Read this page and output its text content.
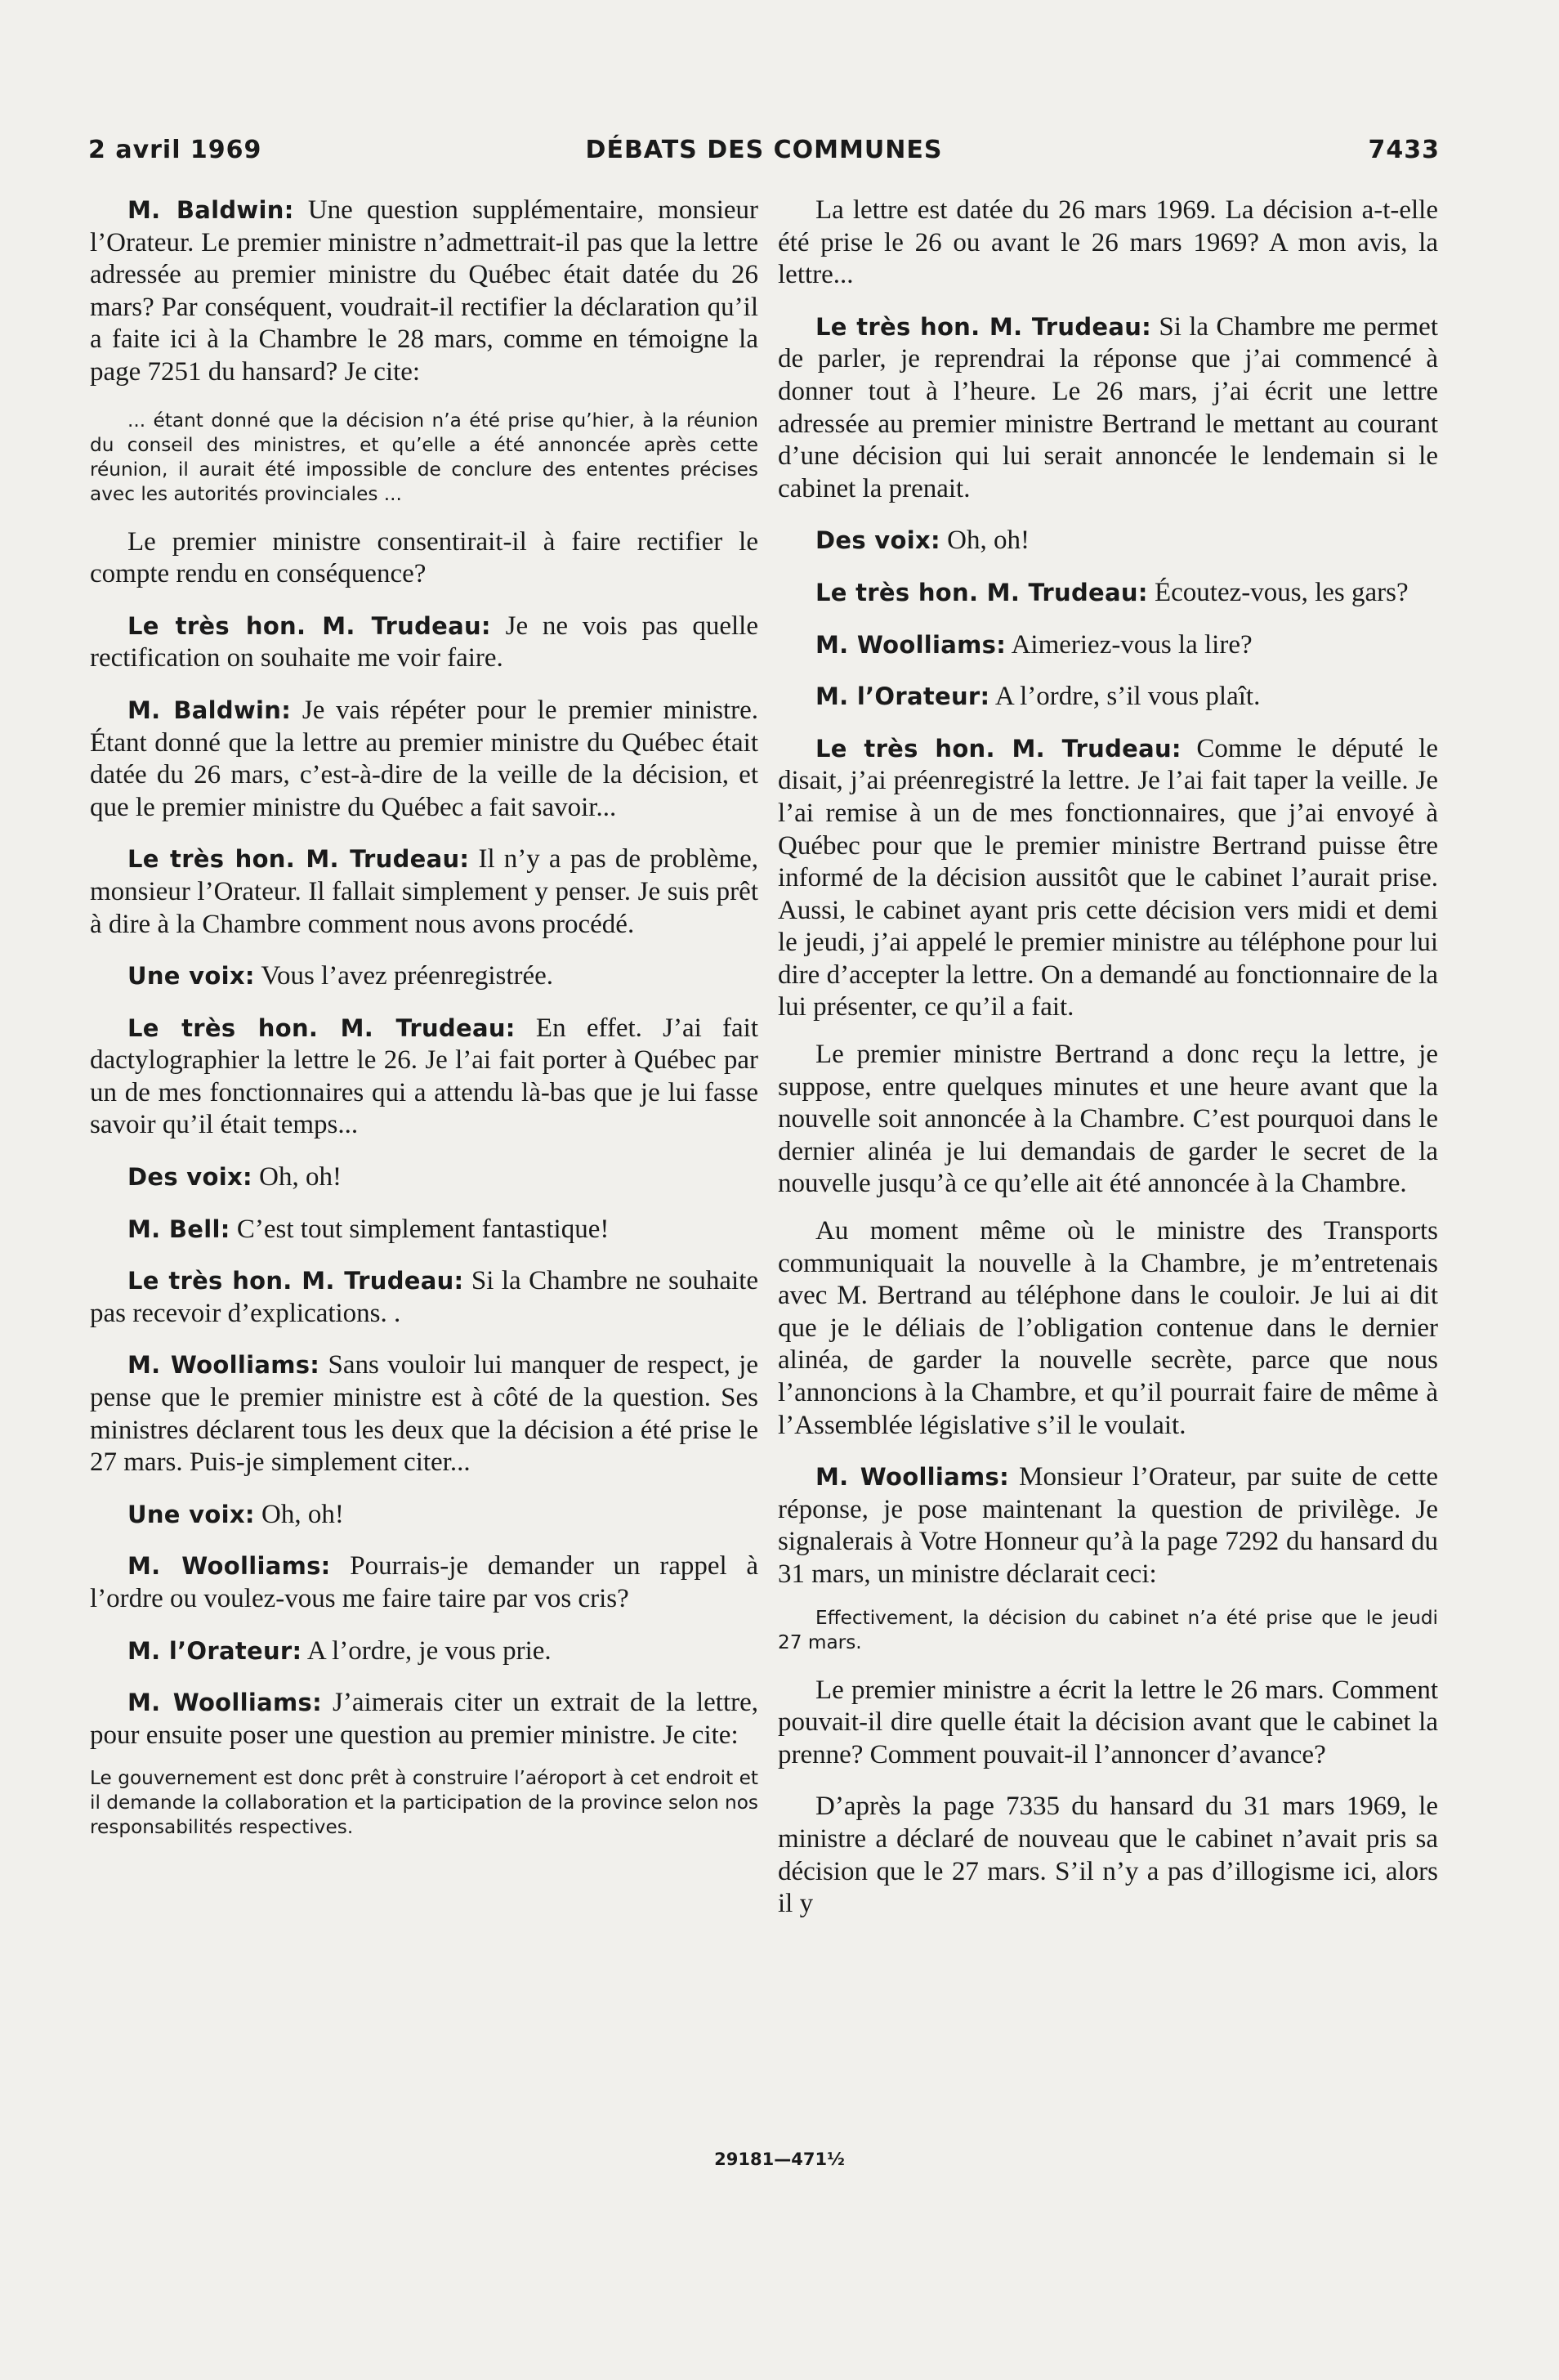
2 avril 1969	DÉBATS DES COMMUNES	7433

M. Baldwin: Une question supplémentaire, monsieur l’Orateur. Le premier ministre n’admettrait-il pas que la lettre adressée au premier ministre du Québec était datée du 26 mars? Par conséquent, voudrait-il rectifier la déclaration qu’il a faite ici à la Chambre le 28 mars, comme en témoigne la page 7251 du hansard? Je cite:

... étant donné que la décision n’a été prise qu’hier, à la réunion du conseil des ministres, et qu’elle a été annoncée après cette réunion, il aurait été impossible de conclure des ententes précises avec les autorités provinciales ...

Le premier ministre consentirait-il à faire rectifier le compte rendu en conséquence?

Le très hon. M. Trudeau: Je ne vois pas quelle rectification on souhaite me voir faire.

M. Baldwin: Je vais répéter pour le premier ministre. Étant donné que la lettre au premier ministre du Québec était datée du 26 mars, c’est-à-dire de la veille de la décision, et que le premier ministre du Québec a fait savoir...

Le très hon. M. Trudeau: Il n’y a pas de problème, monsieur l’Orateur. Il fallait simplement y penser. Je suis prêt à dire à la Chambre comment nous avons procédé.

Une voix: Vous l’avez préenregistrée.

Le très hon. M. Trudeau: En effet. J’ai fait dactylographier la lettre le 26. Je l’ai fait porter à Québec par un de mes fonctionnaires qui a attendu là-bas que je lui fasse savoir qu’il était temps...

Des voix: Oh, oh!

M. Bell: C’est tout simplement fantastique!

Le très hon. M. Trudeau: Si la Chambre ne souhaite pas recevoir d’explications. .

M. Woolliams: Sans vouloir lui manquer de respect, je pense que le premier ministre est à côté de la question. Ses ministres déclarent tous les deux que la décision a été prise le 27 mars. Puis-je simplement citer...

Une voix: Oh, oh!

M. Woolliams: Pourrais-je demander un rappel à l’ordre ou voulez-vous me faire taire par vos cris?

M. l’Orateur: A l’ordre, je vous prie.

M. Woolliams: J’aimerais citer un extrait de la lettre, pour ensuite poser une question au premier ministre. Je cite:

Le gouvernement est donc prêt à construire l’aéroport à cet endroit et il demande la collaboration et la participation de la province selon nos responsabilités respectives.

La lettre est datée du 26 mars 1969. La décision a-t-elle été prise le 26 ou avant le 26 mars 1969? A mon avis, la lettre...

Le très hon. M. Trudeau: Si la Chambre me permet de parler, je reprendrai la réponse que j’ai commencé à donner tout à l’heure. Le 26 mars, j’ai écrit une lettre adressée au premier ministre Bertrand le mettant au courant d’une décision qui lui serait annoncée le lendemain si le cabinet la prenait.

Des voix: Oh, oh!

Le très hon. M. Trudeau: Écoutez-vous, les gars?

M. Woolliams: Aimeriez-vous la lire?

M. l’Orateur: A l’ordre, s’il vous plaît.

Le très hon. M. Trudeau: Comme le député le disait, j’ai préenregistré la lettre. Je l’ai fait taper la veille. Je l’ai remise à un de mes fonctionnaires, que j’ai envoyé à Québec pour que le premier ministre Bertrand puisse être informé de la décision aussitôt que le cabinet l’aurait prise. Aussi, le cabinet ayant pris cette décision vers midi et demi le jeudi, j’ai appelé le premier ministre au téléphone pour lui dire d’accepter la lettre. On a demandé au fonctionnaire de la lui présenter, ce qu’il a fait.

Le premier ministre Bertrand a donc reçu la lettre, je suppose, entre quelques minutes et une heure avant que la nouvelle soit annoncée à la Chambre. C’est pourquoi dans le dernier alinéa je lui demandais de garder le secret de la nouvelle jusqu’à ce qu’elle ait été annoncée à la Chambre.

Au moment même où le ministre des Transports communiquait la nouvelle à la Chambre, je m’entretenais avec M. Bertrand au téléphone dans le couloir. Je lui ai dit que je le déliais de l’obligation contenue dans le dernier alinéa, de garder la nouvelle secrète, parce que nous l’annoncions à la Chambre, et qu’il pourrait faire de même à l’Assemblée législative s’il le voulait.

M. Woolliams: Monsieur l’Orateur, par suite de cette réponse, je pose maintenant la question de privilège. Je signalerais à Votre Honneur qu’à la page 7292 du hansard du 31 mars, un ministre déclarait ceci:

Effectivement, la décision du cabinet n’a été prise que le jeudi 27 mars.

Le premier ministre a écrit la lettre le 26 mars. Comment pouvait-il dire quelle était la décision avant que le cabinet la prenne? Comment pouvait-il l’annoncer d’avance?

D’après la page 7335 du hansard du 31 mars 1969, le ministre a déclaré de nouveau que le cabinet n’avait pris sa décision que le 27 mars. S’il n’y a pas d’illogisme ici, alors il y

29181—471½
